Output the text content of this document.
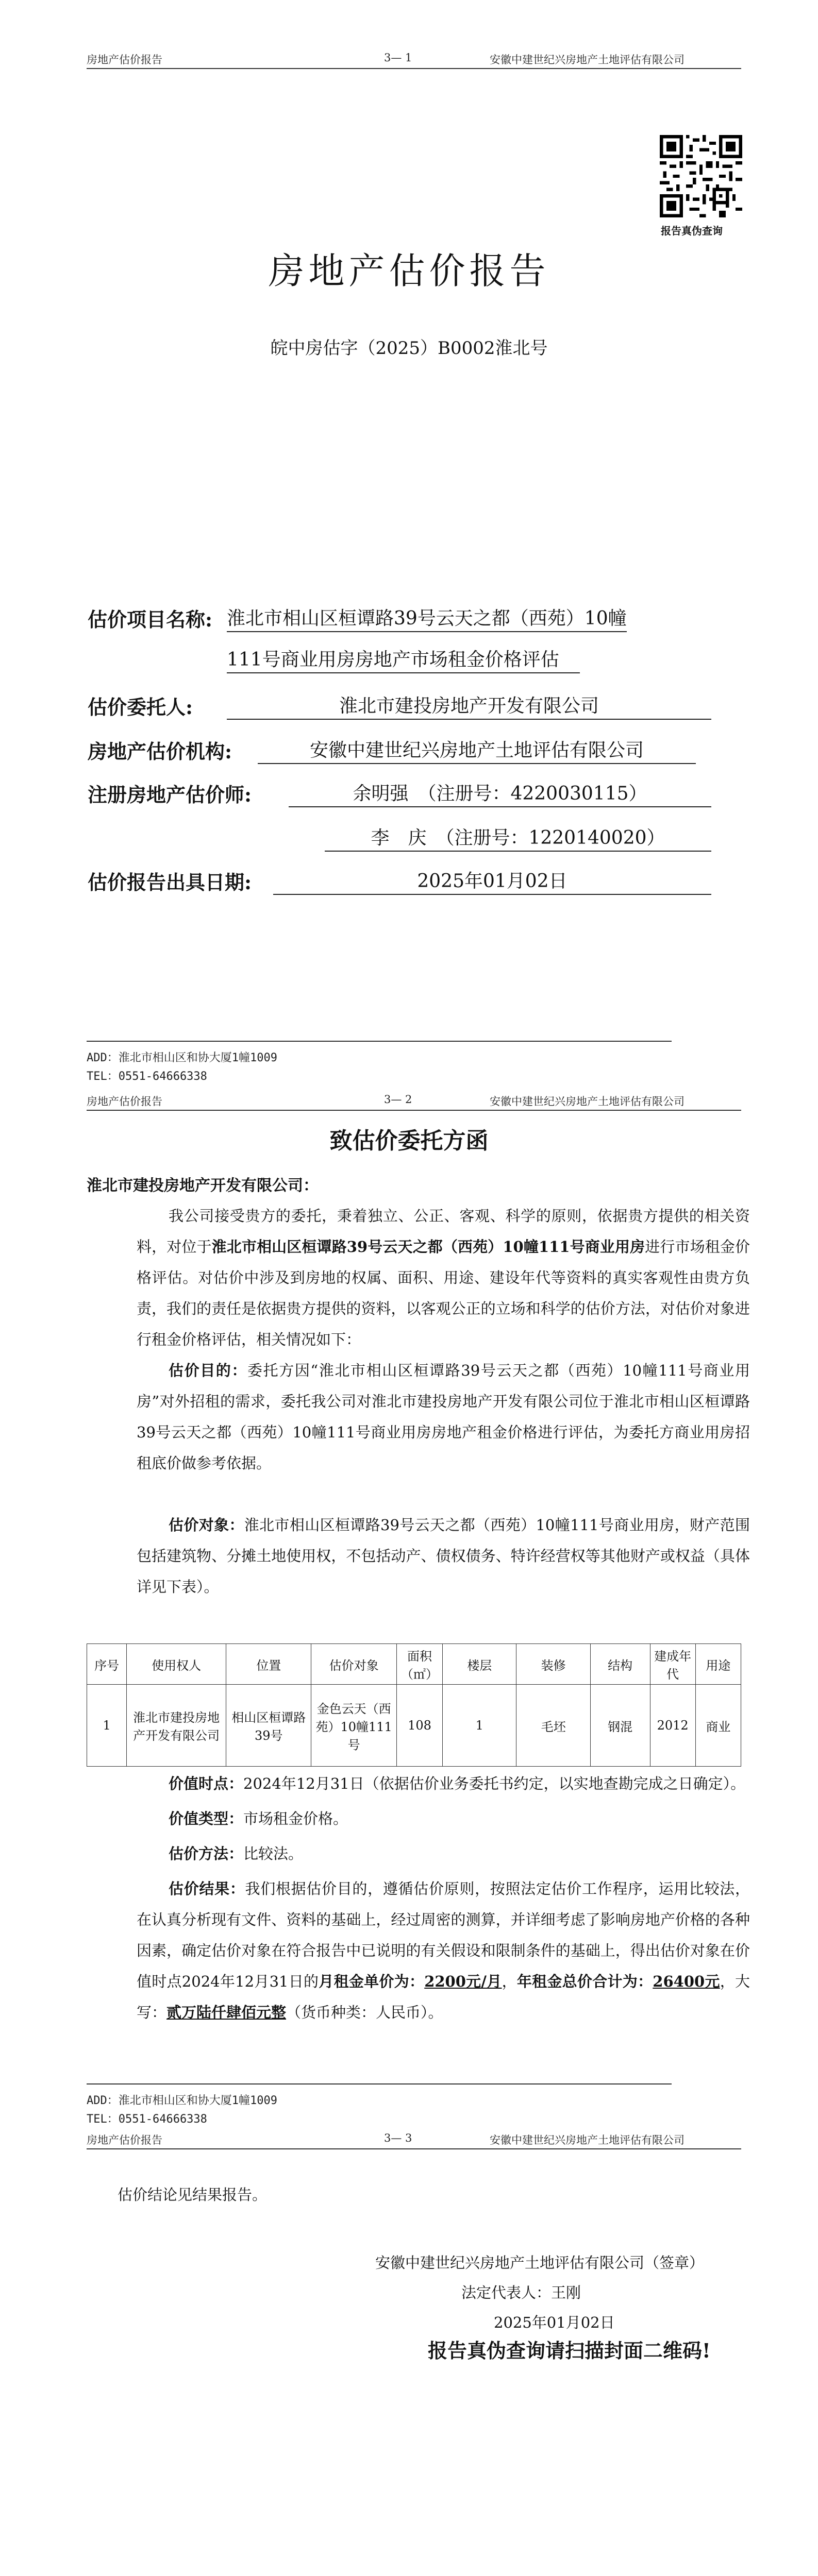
房地产估价报告	3— 1	安徽中建世纪兴房地产土地评估有限公司
报告真伪查询
房地产估价报告
皖中房估字（2025）B0002淮北号
估价项目名称: 淮北市相山区桓谭路39号云天之都（西苑）10幢
111号商业用房房地产市场租金价格评估
估价委托人:	淮北市建投房地产开发有限公司
房地产估价机构:	安徽中建世纪兴房地产土地评估有限公司
注册房地产估价师:	余明强　（注册号：4220030115）
李　庆　（注册号：1220140020）
估价报告出具日期:	2025年01月02日
ADD：淮北市相山区和协大厦1幢1009
TEL：0551-64666338
房地产估价报告	3— 2	安徽中建世纪兴房地产土地评估有限公司
致估价委托方函
淮北市建投房地产开发有限公司：
我公司接受贵方的委托，秉着独立、公正、客观、科学的原则，依据贵方提供的相关资料，对位于淮北市相山区桓谭路39号云天之都（西苑）10幢111号商业用房进行市场租金价格评估。对估价中涉及到房地的权属、面积、用途、建设年代等资料的真实客观性由贵方负责，我们的责任是依据贵方提供的资料，以客观公正的立场和科学的估价方法，对估价对象进行租金价格评估，相关情况如下：
估价目的：委托方因“淮北市相山区桓谭路39号云天之都（西苑）10幢111号商业用房”对外招租的需求，委托我公司对淮北市建投房地产开发有限公司位于淮北市相山区桓谭路39号云天之都（西苑）10幢111号商业用房房地产租金价格进行评估，为委托方商业用房招租底价做参考依据。
估价对象：淮北市相山区桓谭路39号云天之都（西苑）10幢111号商业用房，财产范围包括建筑物、分摊土地使用权，不包括动产、债权债务、特许经营权等其他财产或权益（具体详见下表）。
序号	使用权人	位置	估价对象	面积（㎡）	楼层	装修	结构	建成年代	用途
1	淮北市建投房地产开发有限公司	相山区桓谭路39号	金色云天（西苑）10幢111号	108	1	毛坯	钢混	2012	商业
价值时点：2024年12月31日（依据估价业务委托书约定，以实地查勘完成之日确定）。
价值类型：市场租金价格。
估价方法：比较法。
估价结果：我们根据估价目的，遵循估价原则，按照法定估价工作程序，运用比较法，在认真分析现有文件、资料的基础上，经过周密的测算，并详细考虑了影响房地产价格的各种因素，确定估价对象在符合报告中已说明的有关假设和限制条件的基础上，得出估价对象在价值时点2024年12月31日的月租金单价为：2200元/月，年租金总价合计为：26400元，大写：贰万陆仟肆佰元整（货币种类：人民币）。
ADD：淮北市相山区和协大厦1幢1009
TEL：0551-64666338
房地产估价报告	3— 3	安徽中建世纪兴房地产土地评估有限公司
估价结论见结果报告。
安徽中建世纪兴房地产土地评估有限公司（签章）
法定代表人：王刚
2025年01月02日
报告真伪查询请扫描封面二维码!
